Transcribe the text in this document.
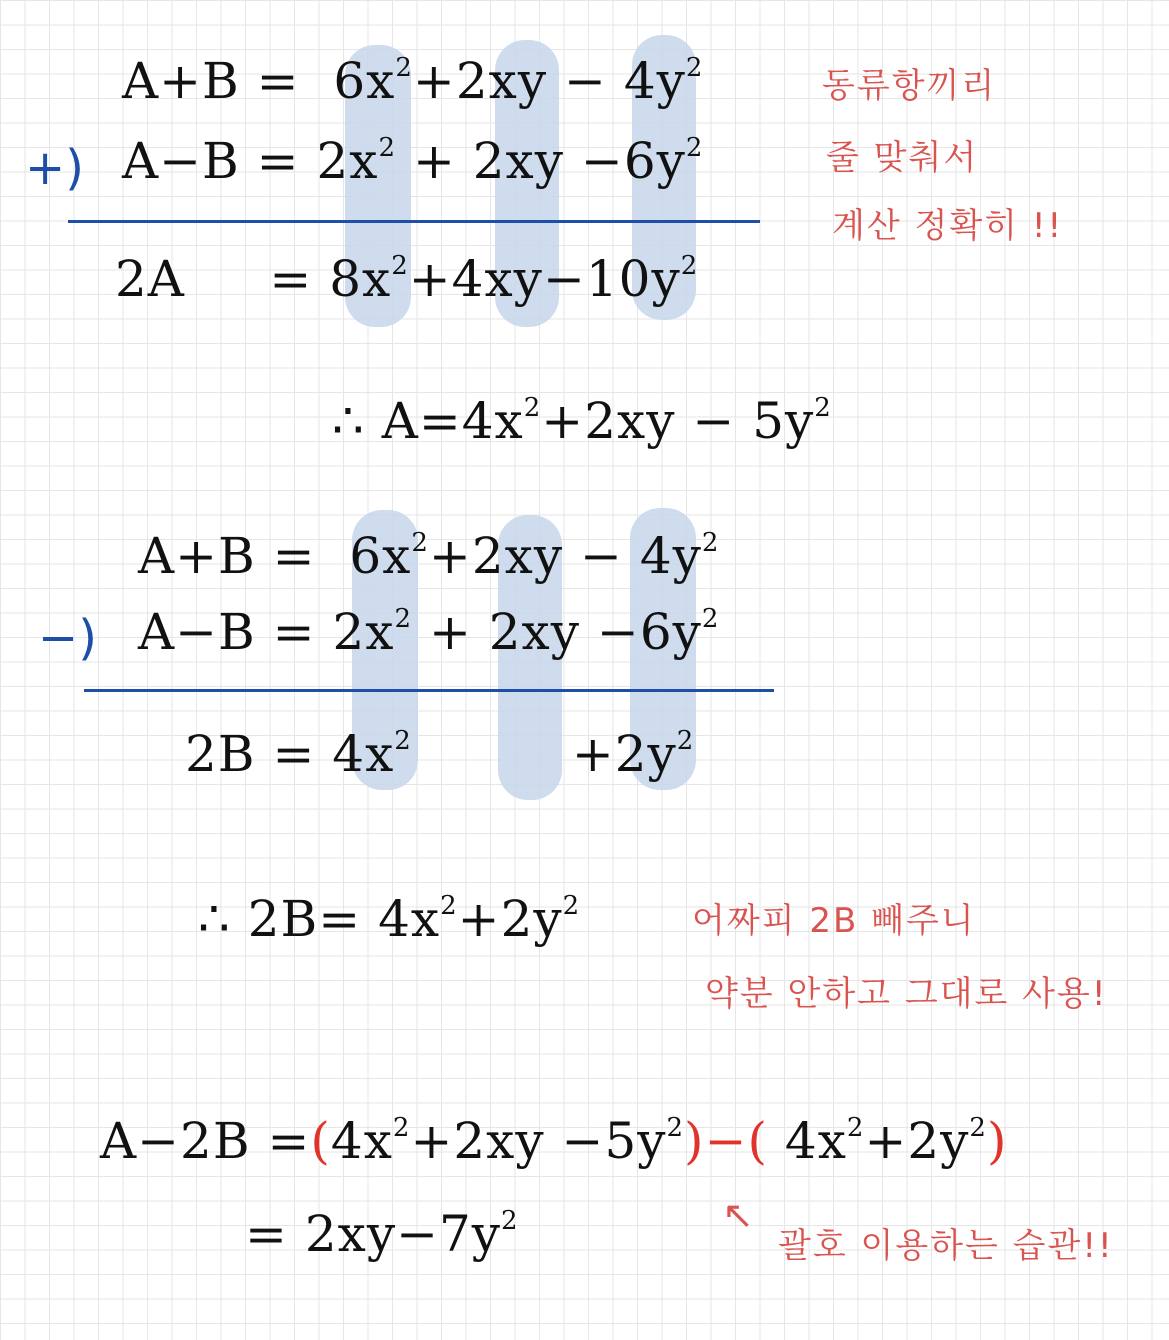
$A+B = 6x^2+2xy - 4y^2$
$A-B = 2x^2 + 2xy -6y^2$
+)
$2A = 8x^2+4xy-10y^2$
∴ $A=4x^2+2xy - 5y^2$
$A+B = 6x^2+2xy - 4y^2$
$A-B = 2x^2 + 2xy -6y^2$
−)
$2B = 4x^2$	$+2y^2$
∴ $2B= 4x^2+2y^2$
$A-2B =(4x^2+2xy -5y^2)-$( $4x^2+2y^2$)
= $2xy-7y^2$
동류항끼리
줄 맞춰서
계산 정확히 !!
어짜피 2B 빼주니
약분 안하고 그대로 사용!
↖
괄호 이용하는 습관!!
